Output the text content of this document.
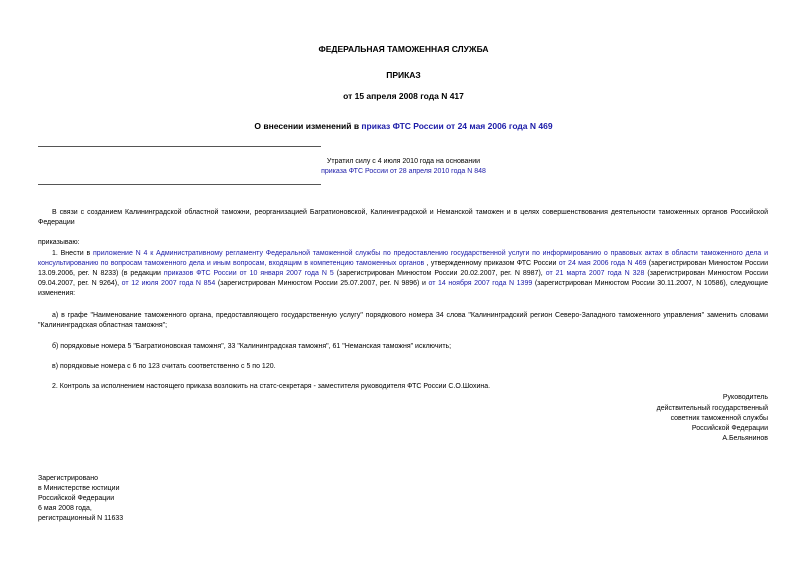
ФЕДЕРАЛЬНАЯ ТАМОЖЕННАЯ СЛУЖБА
ПРИКАЗ
от 15 апреля 2008 года N 417
О внесении изменений в приказ ФТС России от 24 мая 2006 года N 469
Утратил силу с 4 июля 2010 года на основании
приказа ФТС России от 28 апреля 2010 года N 848

В связи с созданием Калининградской областной таможни, реорганизацией Багратионовской, Калининградской и Неманской таможен и в целях совершенствования деятельности таможенных органов Российской Федерации

приказываю:

1. Внести в приложение N 4 к Административному регламенту Федеральной таможенной службы по предоставлению государственной услуги по информированию о правовых актах в области таможенного дела и консультированию по вопросам таможенного дела и иным вопросам, входящим в компетенцию таможенных органов , утвержденному приказом ФТС России от 24 мая 2006 года N 469 (зарегистрирован Минюстом России 13.09.2006, рег. N 8233) (в редакции приказов ФТС России от 10 января 2007 года N 5 (зарегистрирован Минюстом России 20.02.2007, рег. N 8987), от 21 марта 2007 года N 328 (зарегистрирован Минюстом России 09.04.2007, рег. N 9264), от 12 июля 2007 года N 854 (зарегистрирован Минюстом России 25.07.2007, рег. N 9896) и от 14 ноября 2007 года N 1399 (зарегистрирован Минюстом России 30.11.2007, N 10586), следующие изменения:

а) в графе "Наименование таможенного органа, предоставляющего государственную услугу" порядкового номера 34 слова "Калининградский регион Северо-Западного таможенного управления" заменить словами "Калининградская областная таможня";

б) порядковые номера 5 "Багратионовская таможня", 33 "Калининградская таможня", 61 "Неманская таможня" исключить;

в) порядковые номера с 6 по 123 считать соответственно с 5 по 120.

2. Контроль за исполнением настоящего приказа возложить на статс-секретаря - заместителя руководителя ФТС России С.О.Шохина.

Руководитель
действительный государственный
советник таможенной службы
Российской Федерации
А.Бельянинов
Зарегистрировано
в Министерстве юстиции
Российской Федерации
6 мая 2008 года,
регистрационный N 11633
